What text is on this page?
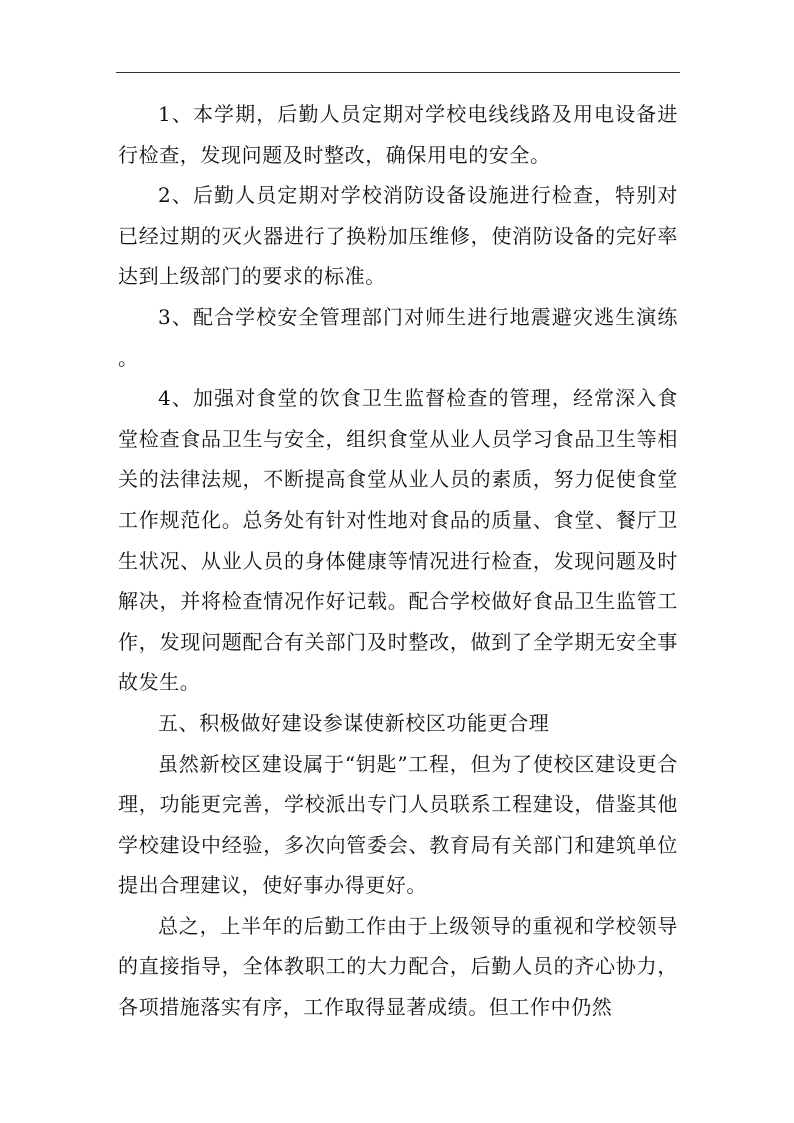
1、本学期，后勤人员定期对学校电线线路及用电设备进行检查，发现问题及时整改，确保用电的安全。

2、后勤人员定期对学校消防设备设施进行检查，特别对已经过期的灭火器进行了换粉加压维修，使消防设备的完好率达到上级部门的要求的标准。

3、配合学校安全管理部门对师生进行地震避灾逃生演练 。

4、加强对食堂的饮食卫生监督检查的管理，经常深入食堂检查食品卫生与安全，组织食堂从业人员学习食品卫生等相关的法律法规，不断提高食堂从业人员的素质，努力促使食堂工作规范化。总务处有针对性地对食品的质量、食堂、餐厅卫生状况、从业人员的身体健康等情况进行检查，发现问题及时解决，并将检查情况作好记载。配合学校做好食品卫生监管工作，发现问题配合有关部门及时整改，做到了全学期无安全事故发生。

五、积极做好建设参谋使新校区功能更合理

虽然新校区建设属于“钥匙”工程，但为了使校区建设更合理，功能更完善，学校派出专门人员联系工程建设，借鉴其他学校建设中经验，多次向管委会、教育局有关部门和建筑单位提出合理建议，使好事办得更好。

总之，上半年的后勤工作由于上级领导的重视和学校领导的直接指导，全体教职工的大力配合，后勤人员的齐心协力，各项措施落实有序，工作取得显著成绩。但工作中仍然
